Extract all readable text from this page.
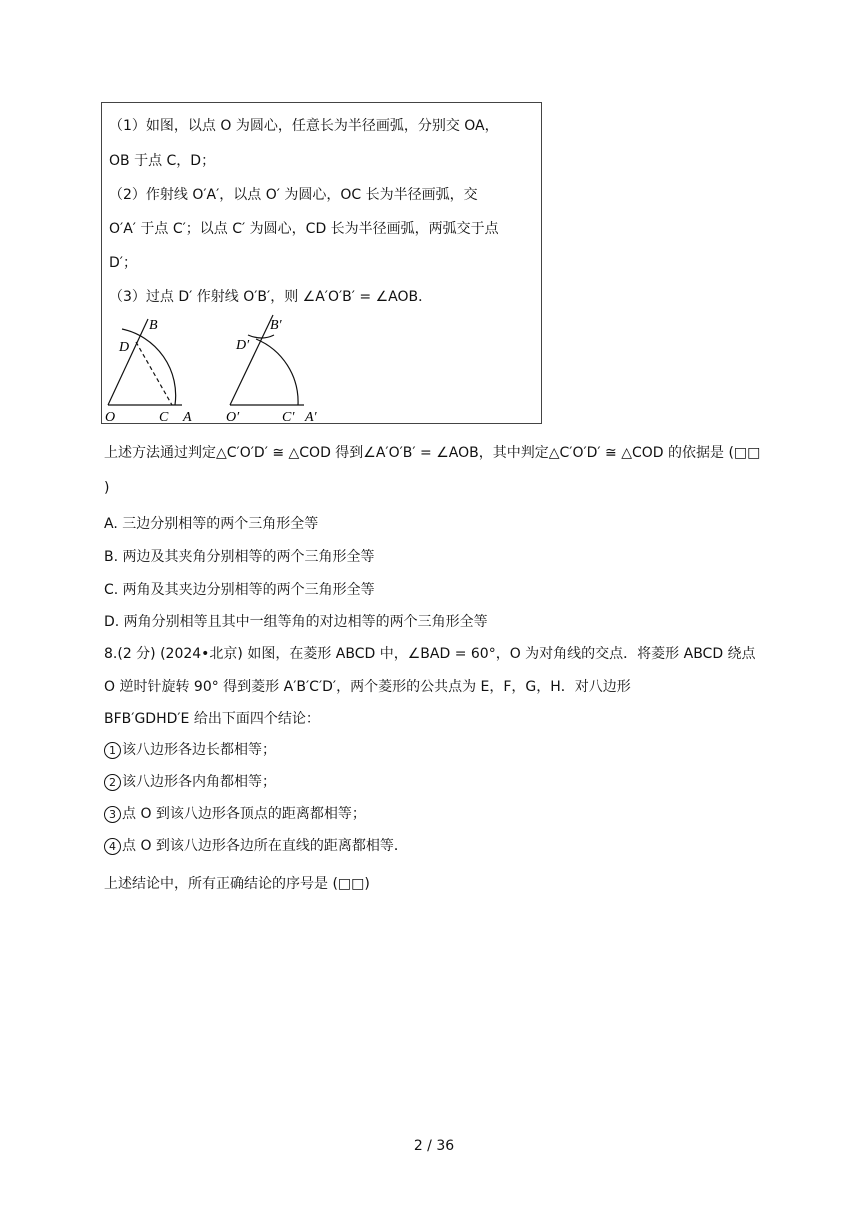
（1）如图，以点 O 为圆心，任意长为半径画弧，分别交 OA，
OB 于点 C，D；
（2）作射线 O′A′，以点 O′ 为圆心，OC 长为半径画弧，交
O′A′ 于点 C′；以点 C′ 为圆心，CD 长为半径画弧，两弧交于点
D′；
（3）过点 D′ 作射线 O′B′，则 ∠A′O′B′ = ∠AOB．
B
D
O	C A
B′
D′
O′	C′ A′
上述方法通过判定△C′O′D′ ≅ △COD 得到∠A′O′B′ = ∠AOB，其中判定△C′O′D′ ≅ △COD 的依据是 (□□
)
A. 三边分别相等的两个三角形全等
B. 两边及其夹角分别相等的两个三角形全等
C. 两角及其夹边分别相等的两个三角形全等
D. 两角分别相等且其中一组等角的对边相等的两个三角形全等
8.(2 分) (2024•北京) 如图，在菱形 ABCD 中，∠BAD = 60°，O 为对角线的交点．将菱形 ABCD 绕点
O 逆时针旋转 90° 得到菱形 A′B′C′D′，两个菱形的公共点为 E，F，G，H．对八边形
BFB′GDHD′E 给出下面四个结论：
1 该八边形各边长都相等；
2 该八边形各内角都相等；
3 点 O 到该八边形各顶点的距离都相等；
4 点 O 到该八边形各边所在直线的距离都相等．
上述结论中，所有正确结论的序号是 (□□)
2 / 36
